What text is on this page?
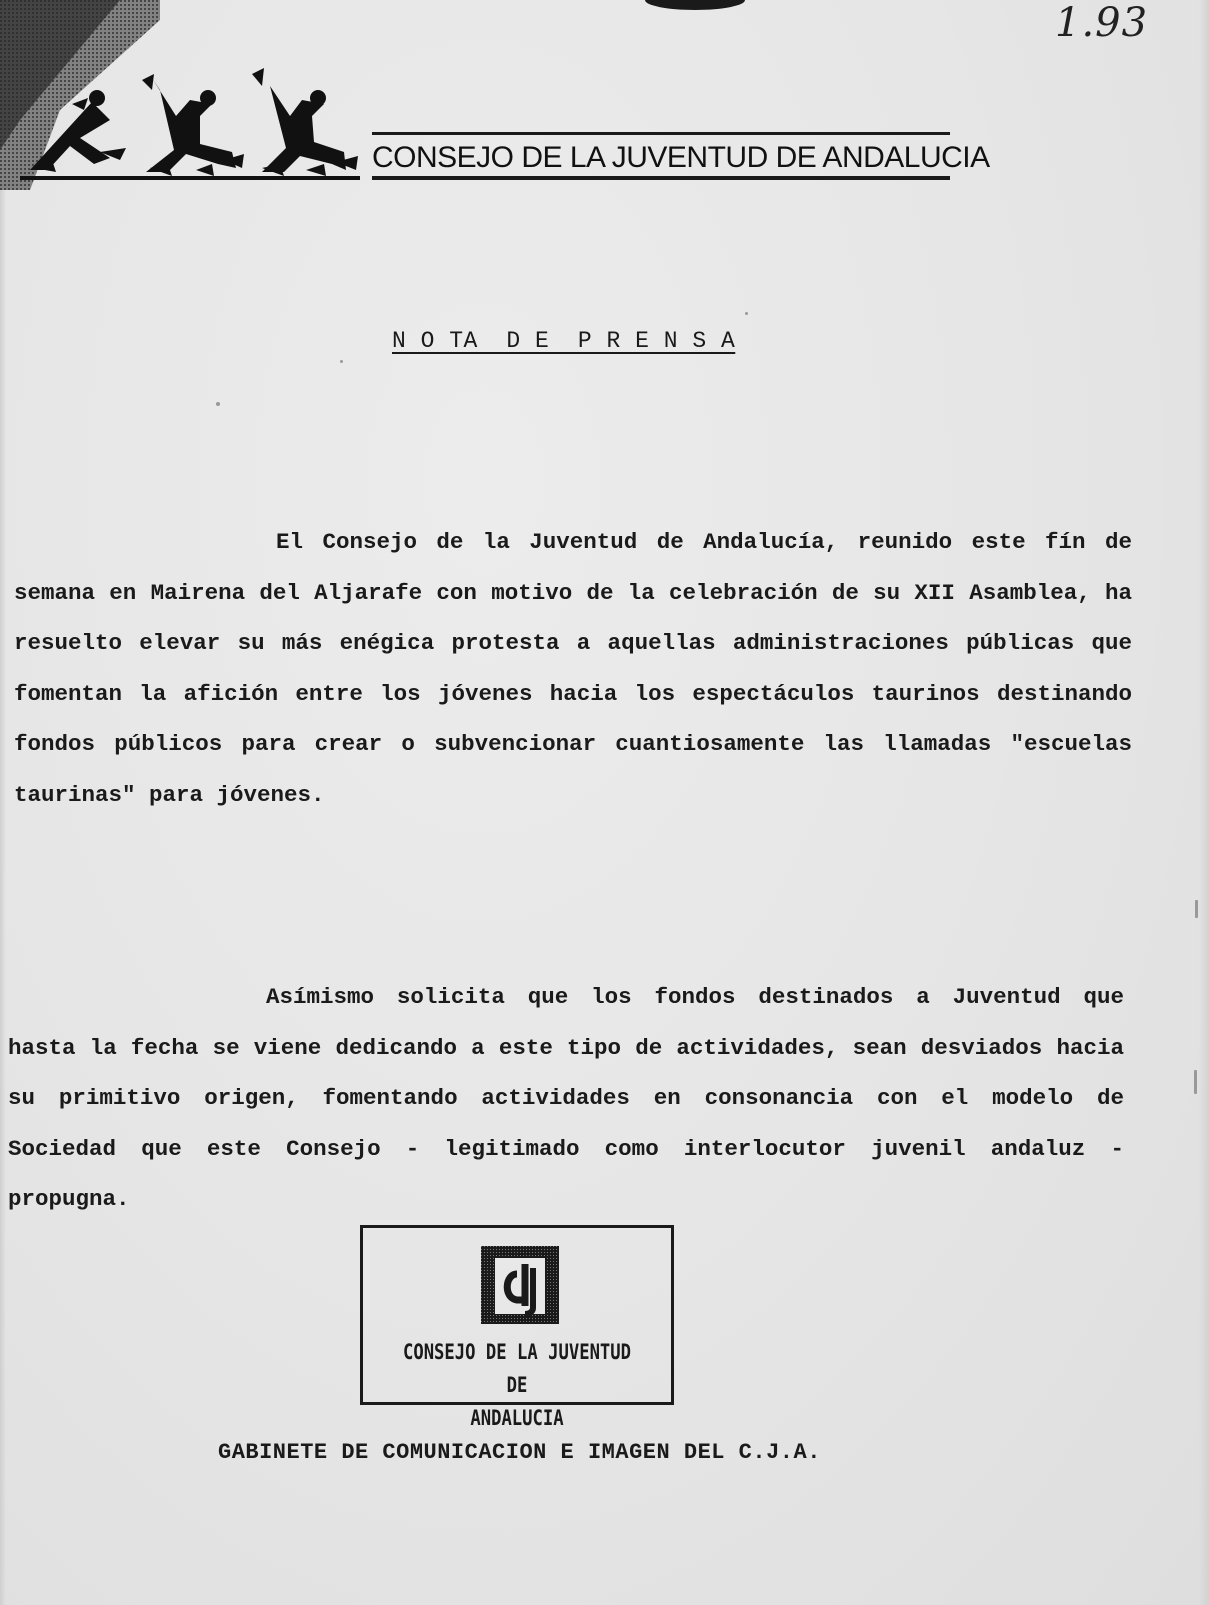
1.93
CONSEJO DE LA JUVENTUD DE ANDALUCIA
N O TA  D E  P R E N S A
El Consejo de la Juventud de Andalucía, reunido este fín de semana en Mairena del Aljarafe con motivo de la celebración de su XII Asamblea, ha resuelto elevar su más enégica protesta a aquellas administraciones públicas que fomentan la afición entre los jóvenes hacia los espectáculos taurinos destinando fondos públicos para crear o subvencionar cuantiosamente las llamadas "escuelas taurinas" para jóvenes.
Asímismo solicita que los fondos destinados a Juventud que hasta la fecha se viene dedicando a este tipo de actividades, sean desviados hacia su primitivo origen, fomentando actividades en consonancia con el modelo de Sociedad que este Consejo - legitimado como interlocutor juvenil andaluz - propugna.
CONSEJO DE LA JUVENTUD DE
ANDALUCIA
GABINETE DE COMUNICACION E IMAGEN DEL C.J.A.
